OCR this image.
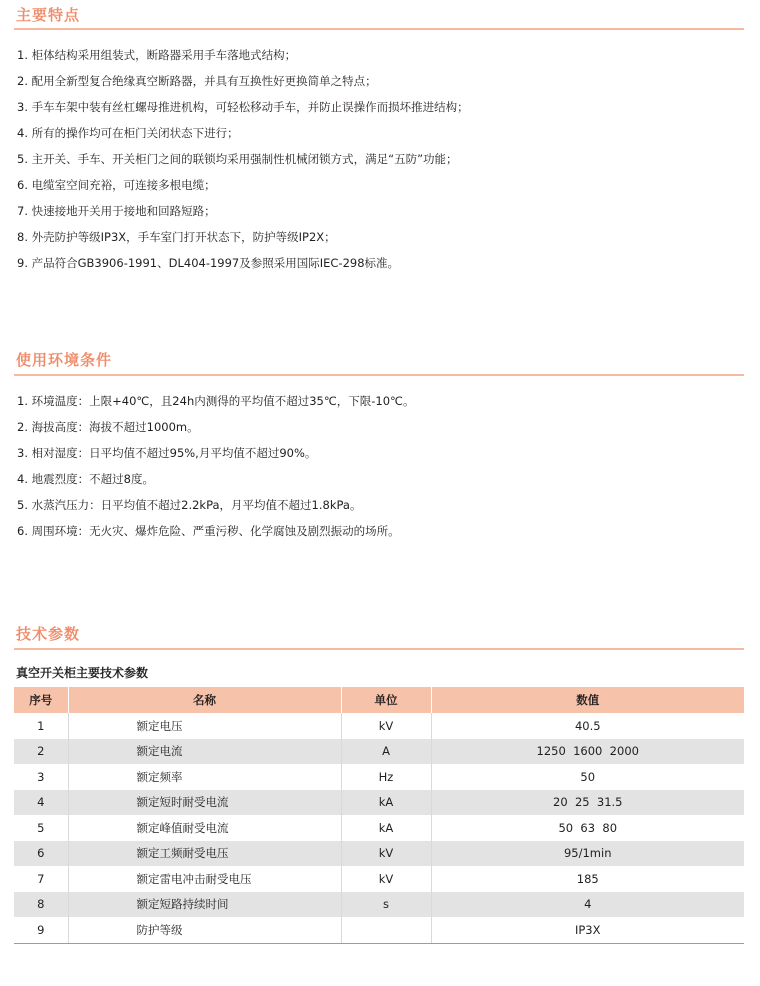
主要特点
1. 柜体结构采用组装式，断路器采用手车落地式结构；
2. 配用全新型复合绝缘真空断路器，并具有互换性好更换简单之特点；
3. 手车车架中装有丝杠螺母推进机构，可轻松移动手车，并防止误操作而损坏推进结构；
4. 所有的操作均可在柜门关闭状态下进行；
5. 主开关、手车、开关柜门之间的联锁均采用强制性机械闭锁方式，满足“五防”功能；
6. 电缆室空间充裕，可连接多根电缆；
7. 快速接地开关用于接地和回路短路；
8. 外壳防护等级IP3X，手车室门打开状态下，防护等级IP2X；
9. 产品符合GB3906-1991、DL404-1997及参照采用国际IEC-298标准。
使用环境条件
1. 环境温度：上限+40℃，且24h内测得的平均值不超过35℃，下限-10℃。
2. 海拔高度：海拔不超过1000m。
3. 相对湿度：日平均值不超过95%,月平均值不超过90%。
4. 地震烈度：不超过8度。
5. 水蒸汽压力：日平均值不超过2.2kPa，月平均值不超过1.8kPa。
6. 周围环境：无火灾、爆炸危险、严重污秽、化学腐蚀及剧烈振动的场所。
技术参数
真空开关柜主要技术参数
序号	名称	单位	数值
1	额定电压	kV	40.5
2	额定电流	A	1250  1600  2000
3	额定频率	Hz	50
4	额定短时耐受电流	kA	20  25  31.5
5	额定峰值耐受电流	kA	50  63  80
6	额定工频耐受电压	kV	95/1min
7	额定雷电冲击耐受电压	kV	185
8	额定短路持续时间	s	4
9	防护等级		IP3X
